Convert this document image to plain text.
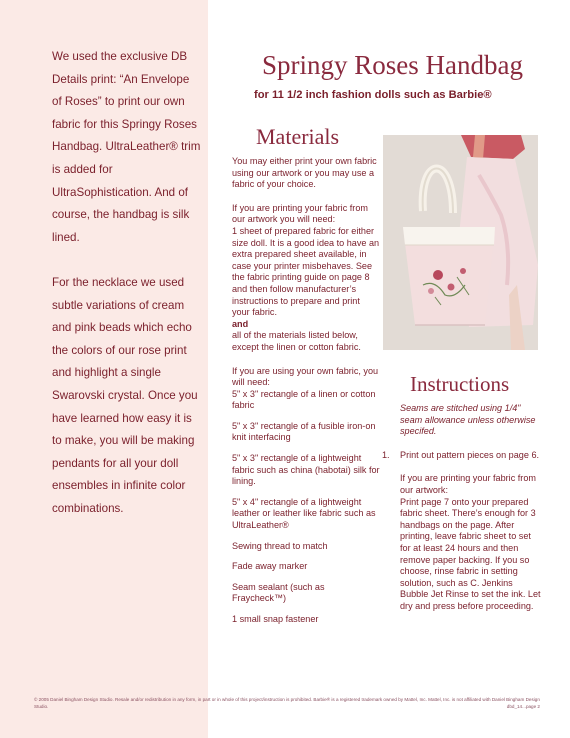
We used the exclusive DB Details print: “An Envelope of Roses” to print our own fabric for this Springy Roses Handbag. UltraLeather® trim is added for UltraSophistication. And of course, the handbag is silk lined.

For the necklace we used subtle variations of cream and pink beads which echo the colors of our rose print and highlight a single Swarovski crystal. Once you have learned how easy it is to make, you will be making pendants for all your doll ensembles in infinite color combinations.

Springy Roses Handbag
for 11 1/2 inch fashion dolls such as Barbie®
Materials

You may either print your own fabric using our artwork or you may use a fabric of your choice.

If you are printing your fabric from our artwork you will need:

1 sheet of prepared fabric for either size doll. It is a good idea to have an extra prepared sheet available, in case your printer misbehaves. See the fabric printing guide on page 8 and then follow manufacturer’s instructions to prepare and print your fabric.

and

all of the materials listed below, except the linen or cotton fabric.

If you are using your own fabric, you will need:

5" x 3" rectangle of a linen or cotton fabric

5" x 3" rectangle of a fusible iron-on knit interfacing

5" x 3" rectangle of a lightweight fabric such as china (habotai) silk for lining.

5" x 4" rectangle of a lightweight leather or leather like fabric such as UltraLeather®

Sewing thread to match

Fade away marker

Seam sealant (such as Fraycheck™)

1 small snap fastener

Instructions
Seams are stitched using 1/4" seam allowance unless otherwise specifed.
1. Print out pattern pieces on page 6.
If you are printing your fabric from our artwork:
Print page 7 onto your prepared fabric sheet. There’s enough for 3 handbags on the page. After printing, leave fabric sheet to set for at least 24 hours and then remove paper backing. If you so choose, rinse fabric in setting solution, such as C. Jenkins Bubble Jet Rinse to set the ink. Let dry and press before proceeding.
© 2005 Daniel Bingham Design Studio. Resale and/or redistribution in any form, in part or in whole of this project/instruction is prohibited. Barbie® is a registered trademark owned by Mattel, Inc. Mattel, Inc. is not affiliated with Daniel Bingham Design Studio.	dbd_14...page 2
